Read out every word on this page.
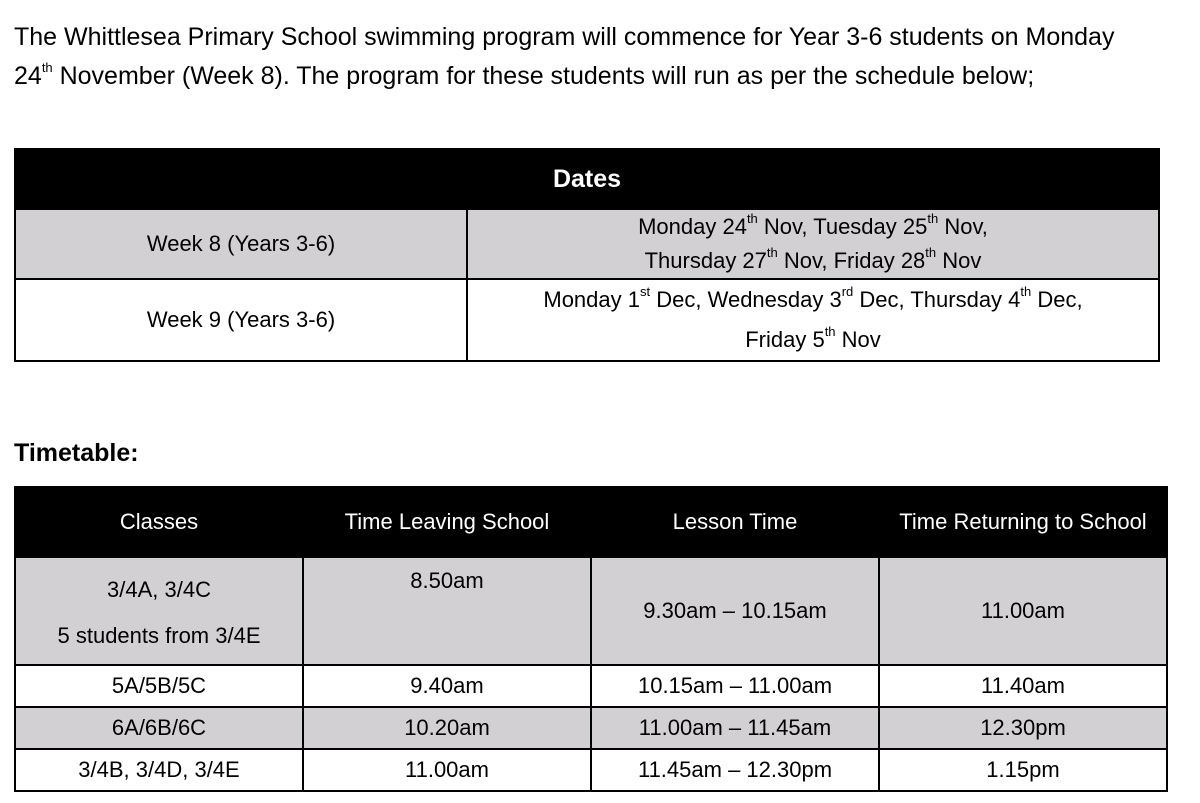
The Whittlesea Primary School swimming program will commence for Year 3-6 students on Monday
24th November (Week 8). The program for these students will run as per the schedule below;

Dates	
Week 8 (Years 3-6)	Monday 24th Nov, Tuesday 25th Nov,
Thursday 27th Nov, Friday 28th Nov
Week 9 (Years 3-6)	Monday 1st Dec, Wednesday 3rd Dec, Thursday 4th Dec,
Friday 5th Nov

Timetable:

Classes	Time Leaving School	Lesson Time	Time Returning to School

3/4A, 3/4C
5 students from 3/4E	8.50am	9.30am – 10.15am	11.00am
5A/5B/5C	9.40am	10.15am – 11.00am	11.40am
6A/6B/6C	10.20am	11.00am – 11.45am	12.30pm
3/4B, 3/4D, 3/4E	11.00am	11.45am – 12.30pm	1.15pm
